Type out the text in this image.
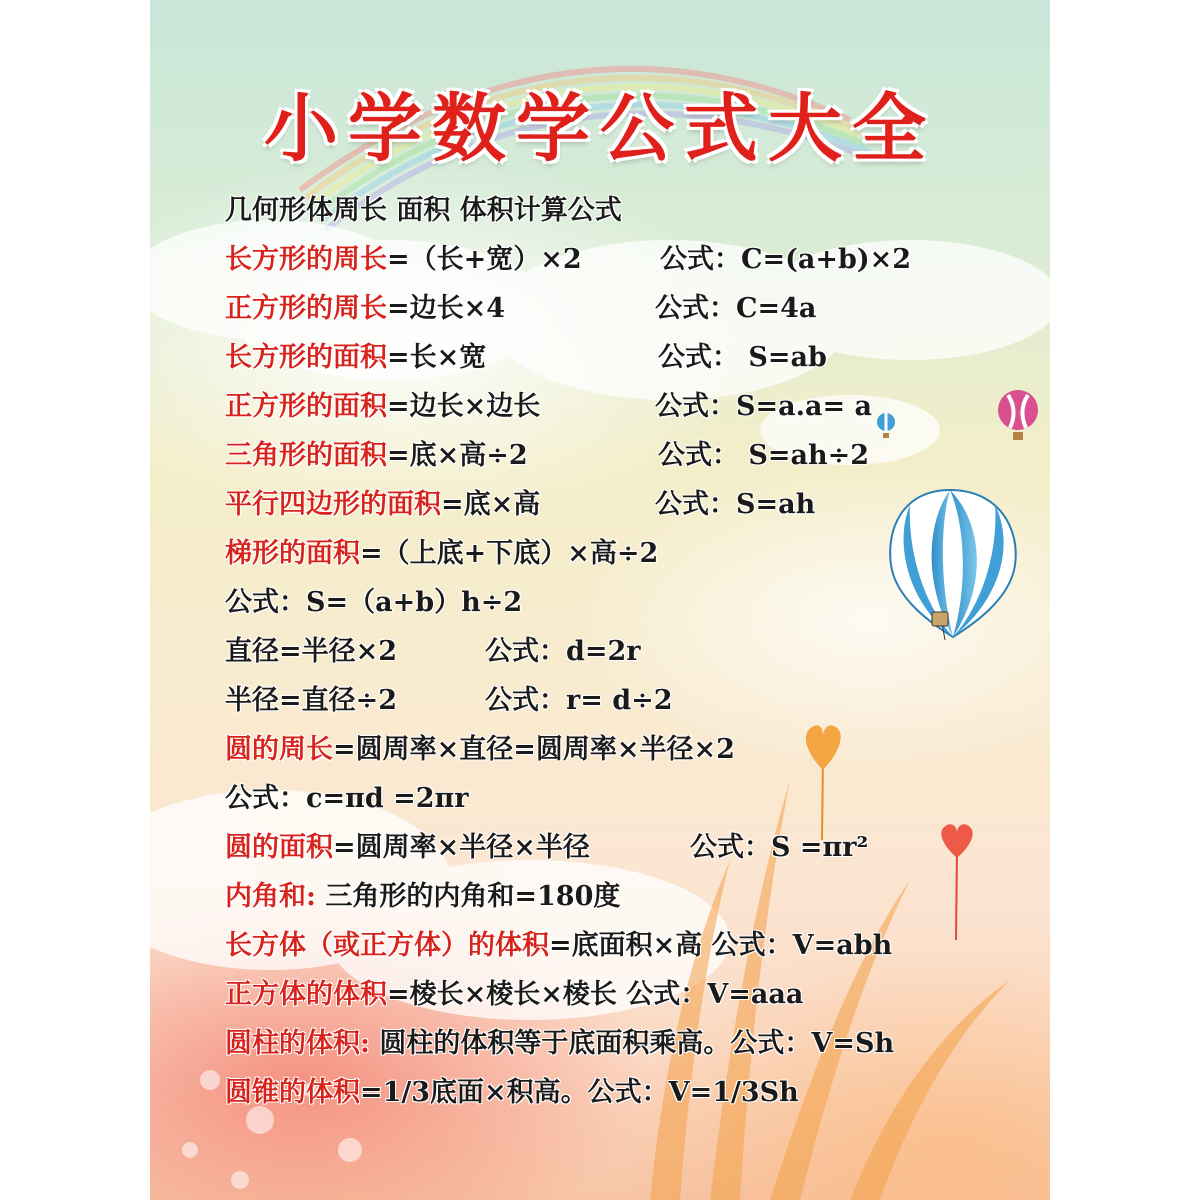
小学数学公式大全
几何形体周长 面积 体积计算公式
长方形的周长=（长+宽）×2	公式：C=(a+b)×2
正方形的周长=边长×4	公式：C=4a
长方形的面积=长×宽	公式： S=ab
正方形的面积=边长×边长	公式：S=a.a= a
三角形的面积=底×高÷2	公式： S=ah÷2
平行四边形的面积=底×高	公式：S=ah
梯形的面积=（上底+下底）×高÷2
公式：S=（a+b）h÷2
直径=半径×2	公式：d=2r
半径=直径÷2	公式：r= d÷2
圆的周长=圆周率×直径=圆周率×半径×2
公式：c=πd =2πr
圆的面积=圆周率×半径×半径	公式：S =πr²
内角和: 三角形的内角和=180度
长方体（或正方体）的体积=底面积×高 公式：V=abh
正方体的体积=棱长×棱长×棱长 公式：V=aaa
圆柱的体积: 圆柱的体积等于底面积乘高。公式：V=Sh
圆锥的体积=1/3底面×积高。公式：V=1/3Sh
